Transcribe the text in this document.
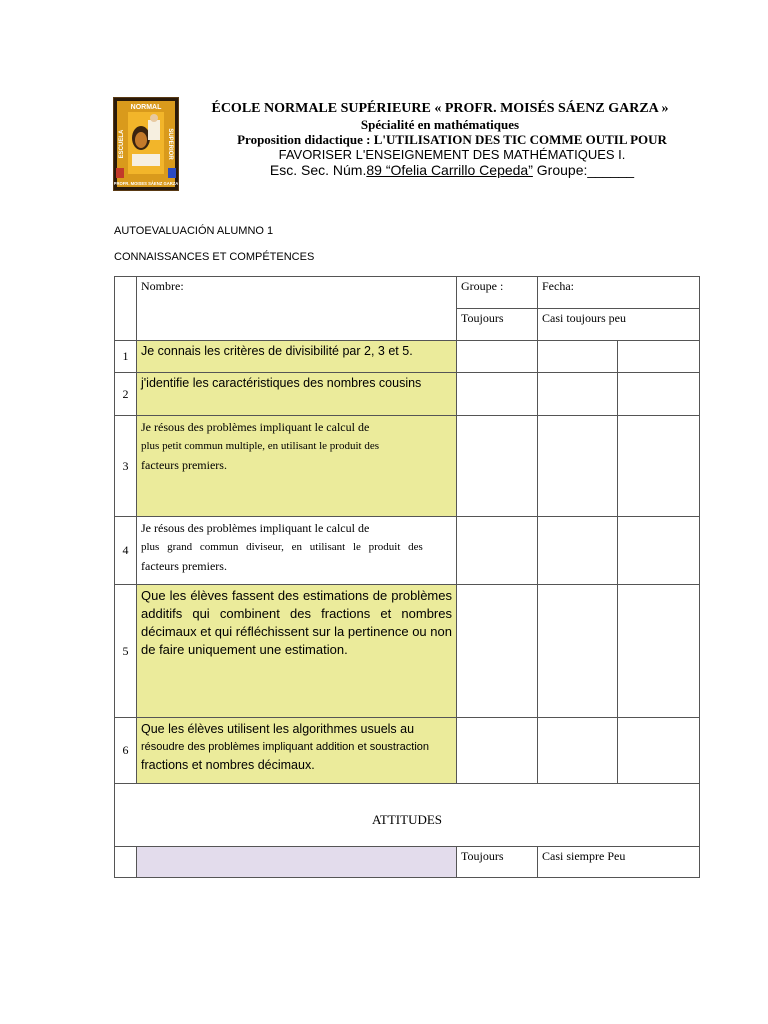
NORMAL
ESCUELA	SUPERIOR
PROFR. MOISES SÁENZ GARZA
ÉCOLE NORMALE SUPÉRIEURE « PROFR. MOISÉS SÁENZ GARZA »
Spécialité en mathématiques
Proposition didactique : L'UTILISATION DES TIC COMME OUTIL POUR
FAVORISER L'ENSEIGNEMENT DES MATHÉMATIQUES I.
Esc. Sec. Núm.89 “Ofelia Carrillo Cepeda” Groupe:______
AUTOEVALUACIÓN ALUMNO 1
CONNAISSANCES ET COMPÉTENCES
	Nombre:	Groupe :	Fecha:	
		Toujours	Casi toujours peu	
1	Je connais les critères de divisibilité par 2, 3 et 5.			
2	j'identifie les caractéristiques des nombres cousins			
3	Je résous des problèmes impliquant le calcul de
plus petit commun multiple, en utilisant le produit des
facteurs premiers.			

4	Je résous des problèmes impliquant le calcul de
plus grand commun diviseur, en utilisant le produit des
facteurs premiers.			

5	Que les élèves fassent des estimations de problèmes additifs qui combinent des fractions et nombres décimaux et qui réfléchissent sur la pertinence ou non de faire uniquement une estimation.			
6	Que les élèves utilisent les algorithmes usuels au
résoudre des problèmes impliquant addition et soustraction
fractions et nombres décimaux.			

ATTITUDES				
		Toujours	Casi siempre Peu	
